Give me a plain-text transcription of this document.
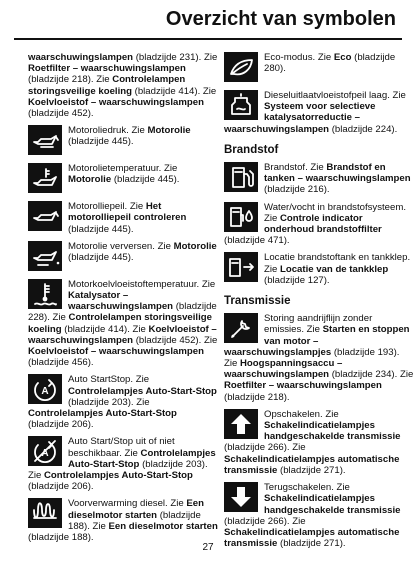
Overzicht van symbolen
waarschuwingslampen (bladzijde 231). Zie Roetfilter – waarschuwingslampen (bladzijde 218). Zie Controlelampen storingsveilige koeling (bladzijde 414). Zie Koelvloeistof – waarschuwingslampen (bladzijde 452).
Motoroliedruk. Zie Motorolie (bladzijde 445).
Motorolietemperatuur. Zie Motorolie (bladzijde 445).
Motorolliepeil. Zie Het motorolliepeil controleren (bladzijde 445).
Motorolie verversen. Zie Motorolie (bladzijde 445).
Motorkoelvloeistoftemperatuur. Zie Katalysator – waarschuwingslampen (bladzijde 228). Zie Controlelampen storingsveilige koeling (bladzijde 414). Zie Koelvloeistof – waarschuwingslampen (bladzijde 452). Zie Koelvloeistof – waarschuwingslampen (bladzijde 456).
A
Auto StartStop. Zie Controlelampjes Auto-Start-Stop (bladzijde 203). Zie Controlelampjes Auto-Start-Stop (bladzijde 206).
A
Auto Start/Stop uit of niet beschikbaar. Zie Controlelampjes Auto-Start-Stop (bladzijde 203). Zie Controlelampjes Auto-Start-Stop (bladzijde 206).
Voorverwarming diesel. Zie Een dieselmotor starten (bladzijde 188). Zie Een dieselmotor starten (bladzijde 188).
Eco-modus. Zie Eco (bladzijde 280).
Dieseluitlaatvloeistofpeil laag. Zie Systeem voor selectieve katalysatorreductie – waarschuwingslampen (bladzijde 224).
Brandstof
Brandstof. Zie Brandstof en tanken – waarschuwingslampen (bladzijde 216).
Water/vocht in brandstofsysteem. Zie Controle indicator onderhoud brandstoffilter (bladzijde 471).
Locatie brandstoftank en tankklep. Zie Locatie van de tankklep (bladzijde 127).
Transmissie
Storing aandrijflijn zonder emissies. Zie Starten en stoppen van motor – waarschuwingslampjes (bladzijde 193). Zie Hoogspanningsaccu – waarschuwingslampen (bladzijde 234). Zie Roetfilter – waarschuwingslampen (bladzijde 218).
Opschakelen. Zie Schakelindicatielampjes handgeschakelde transmissie (bladzijde 266). Zie Schakelindicatielampjes automatische transmissie (bladzijde 271).
Terugschakelen. Zie Schakelindicatielampjes handgeschakelde transmissie (bladzijde 266). Zie Schakelindicatielampjes automatische transmissie (bladzijde 271).
27
